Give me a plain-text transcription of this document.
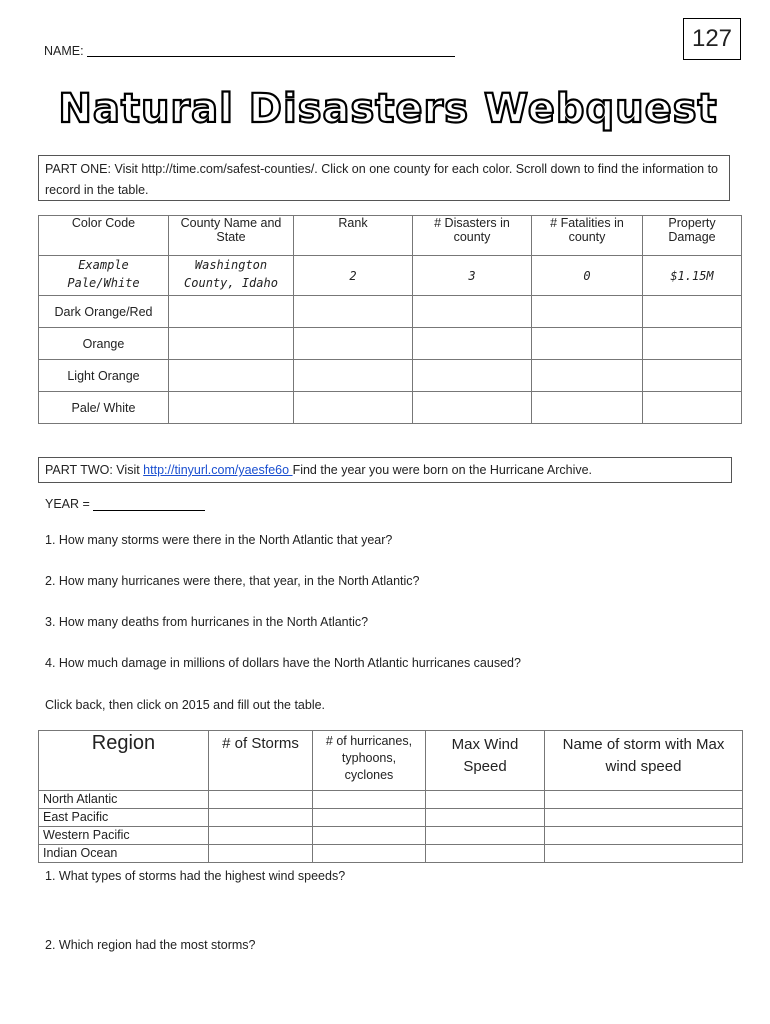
127
NAME:
Natural Disasters Webquest
PART ONE: Visit http://time.com/safest-counties/. Click on one county for each color. Scroll down to find the information to record in the table.
Color Code	County Name and State	Rank	# Disasters in county	# Fatalities in county	Property Damage
Example Pale/White	Washington County, Idaho	2	3	0	$1.15M
Dark Orange/Red					
Orange					
Light Orange					
Pale/ White					
PART TWO: Visit http://tinyurl.com/yaesfe6o Find the year you were born on the Hurricane Archive.
YEAR =
1. How many storms were there in the North Atlantic that year?
2. How many hurricanes were there, that year, in the North Atlantic?
3. How many deaths from hurricanes in the North Atlantic?
4. How much damage in millions of dollars have the North Atlantic hurricanes caused?
Click back, then click on 2015 and fill out the table.
Region	# of Storms	# of hurricanes, typhoons, cyclones	Max Wind Speed	Name of storm with Max wind speed
North Atlantic				
East Pacific				
Western Pacific				
Indian Ocean				
1. What types of storms had the highest wind speeds?
2. Which region had the most storms?
